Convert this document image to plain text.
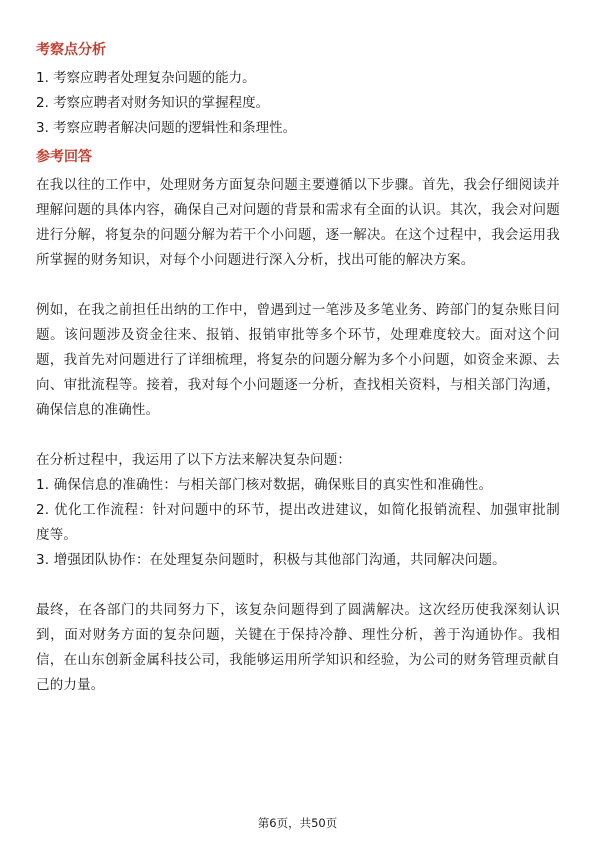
考察点分析

1. 考察应聘者处理复杂问题的能力。

2. 考察应聘者对财务知识的掌握程度。

3. 考察应聘者解决问题的逻辑性和条理性。

参考回答

在我以往的工作中，处理财务方面复杂问题主要遵循以下步骤。首先，我会仔细阅读并理解问题的具体内容，确保自己对问题的背景和需求有全面的认识。其次，我会对问题进行分解，将复杂的问题分解为若干个小问题，逐一解决。在这个过程中，我会运用我所掌握的财务知识，对每个小问题进行深入分析，找出可能的解决方案。

例如，在我之前担任出纳的工作中，曾遇到过一笔涉及多笔业务、跨部门的复杂账目问题。该问题涉及资金往来、报销、报销审批等多个环节，处理难度较大。面对这个问题，我首先对问题进行了详细梳理，将复杂的问题分解为多个小问题，如资金来源、去向、审批流程等。接着，我对每个小问题逐一分析，查找相关资料，与相关部门沟通，确保信息的准确性。

在分析过程中，我运用了以下方法来解决复杂问题：

1. 确保信息的准确性：与相关部门核对数据，确保账目的真实性和准确性。

2. 优化工作流程：针对问题中的环节，提出改进建议，如简化报销流程、加强审批制度等。

3. 增强团队协作：在处理复杂问题时，积极与其他部门沟通，共同解决问题。

最终，在各部门的共同努力下，该复杂问题得到了圆满解决。这次经历使我深刻认识到，面对财务方面的复杂问题，关键在于保持冷静、理性分析，善于沟通协作。我相信，在山东创新金属科技公司，我能够运用所学知识和经验，为公司的财务管理贡献自己的力量。

第6页，共50页
